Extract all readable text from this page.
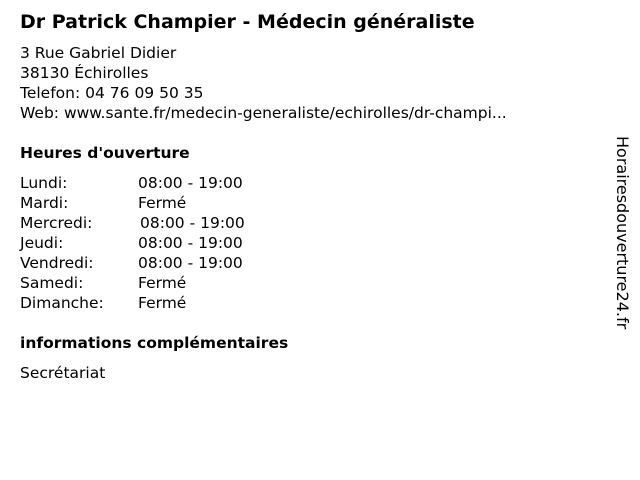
Dr Patrick Champier - Médecin généraliste
3 Rue Gabriel Didier
38130 Échirolles
Telefon: 04 76 09 50 35
Web: www.sante.fr/medecin-generaliste/echirolles/dr-champi...
Heures d'ouverture
Lundi:	08:00 - 19:00
Mardi:	Fermé
Mercredi:	08:00 - 19:00
Jeudi:	08:00 - 19:00
Vendredi:	08:00 - 19:00
Samedi:	Fermé
Dimanche: Fermé
informations complémentaires
Secrétariat
Horairesdouverture24.fr
